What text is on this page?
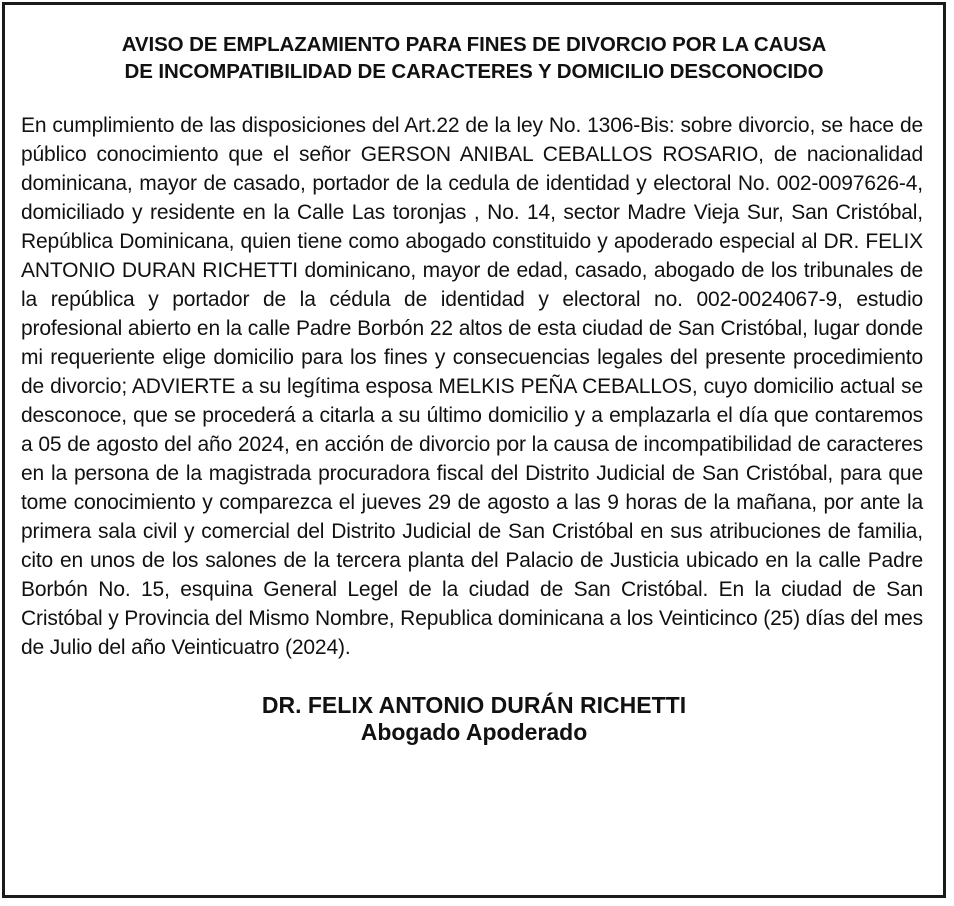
AVISO DE EMPLAZAMIENTO PARA FINES DE DIVORCIO POR LA CAUSA
DE INCOMPATIBILIDAD DE CARACTERES Y DOMICILIO DESCONOCIDO
En cumplimiento de las disposiciones del Art.22 de la ley No. 1306-Bis: sobre divorcio, se hace de público conocimiento que el señor GERSON ANIBAL CEBALLOS ROSARIO, de nacionalidad dominicana, mayor de casado, portador de la cedula de identidad y electoral No. 002-0097626-4, domiciliado y residente en la Calle Las toronjas , No. 14, sector Madre Vieja Sur, San Cristóbal, República Dominicana, quien tiene como abogado constituido y apoderado especial al DR. FELIX ANTONIO DURAN RICHETTI dominicano, mayor de edad, casado, abogado de los tribunales de la república y portador de la cédula de identidad y electoral no. 002-0024067-9, estudio profesional abierto en la calle Padre Borbón 22 altos de esta ciudad de San Cristóbal, lugar donde mi requeriente elige domicilio para los fines y consecuencias legales del presente procedimiento de divorcio; ADVIERTE a su legítima esposa MELKIS PEÑA CEBALLOS, cuyo domicilio actual se desconoce, que se procederá a citarla a su último domicilio y a emplazarla el día que contaremos a 05 de agosto del año 2024, en acción de divorcio por la causa de incompatibilidad de caracteres en la persona de la magistrada procuradora fiscal del Distrito Judicial de San Cristóbal, para que tome conocimiento y comparezca el jueves 29 de agosto a las 9 horas de la mañana, por ante la primera sala civil y comercial del Distrito Judicial de San Cristóbal en sus atribuciones de familia, cito en unos de los salones de la tercera planta del Palacio de Justicia ubicado en la calle Padre Borbón No. 15, esquina General Legel de la ciudad de San Cristóbal. En la ciudad de San Cristóbal y Provincia del Mismo Nombre, Republica dominicana a los Veinticinco (25) días del mes de Julio del año Veinticuatro (2024).
DR. FELIX ANTONIO DURÁN RICHETTI
Abogado Apoderado
